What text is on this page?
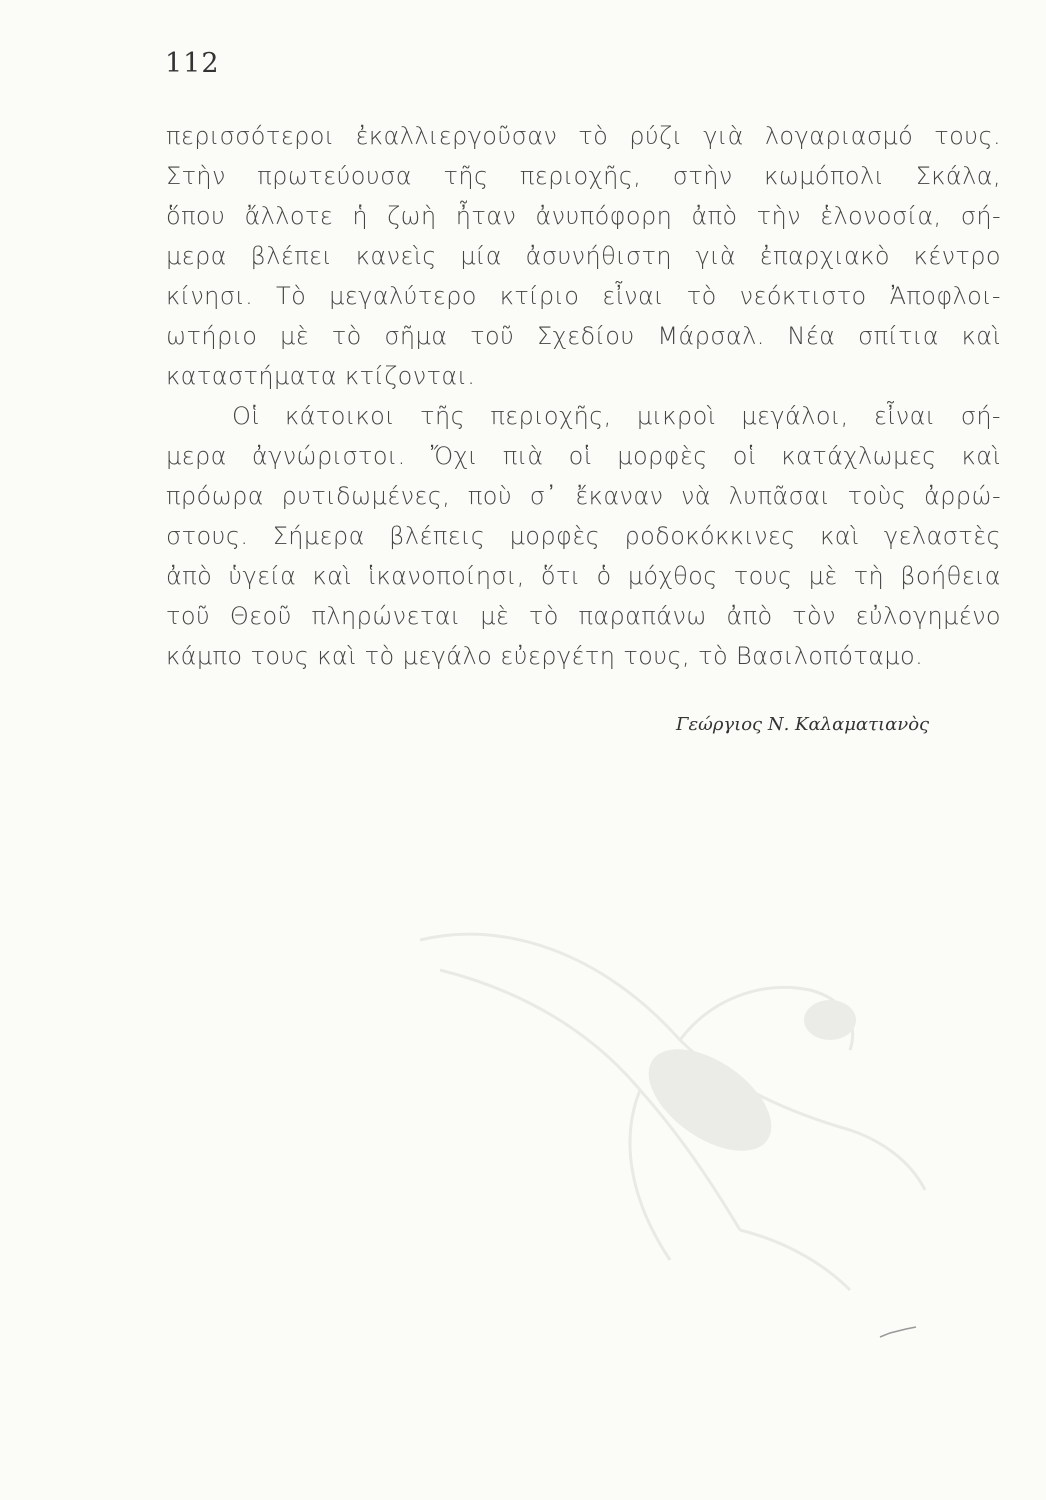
112
περισσότεροι ἐκαλλιεργοῦσαν τὸ ρύζι γιὰ λογαριασμό τους.
Στὴν πρωτεύουσα τῆς περιοχῆς, στὴν κωμόπολι Σκάλα,
ὅπου ἄλλοτε ἡ ζωὴ ἦταν ἀνυπόφορη ἀπὸ τὴν ἑλονοσία, σή-
μερα βλέπει κανεὶς μία ἀσυνήθιστη γιὰ ἐπαρχιακὸ κέντρο
κίνησι. Τὸ μεγαλύτερο κτίριο εἶναι τὸ νεόκτιστο Ἀποφλοι-
ωτήριο μὲ τὸ σῆμα τοῦ Σχεδίου Μάρσαλ. Νέα σπίτια καὶ
καταστήματα κτίζονται.
Οἱ κάτοικοι τῆς περιοχῆς, μικροὶ μεγάλοι, εἶναι σή-
μερα ἀγνώριστοι. Ὄχι πιὰ οἱ μορφὲς οἱ κατάχλωμες καὶ
πρόωρα ρυτιδωμένες, ποὺ σ᾽ ἔκαναν νὰ λυπᾶσαι τοὺς ἀρρώ-
στους. Σήμερα βλέπεις μορφὲς ροδοκόκκινες καὶ γελαστὲς
ἀπὸ ὑγεία καὶ ἱκανοποίησι, ὅτι ὁ μόχθος τους μὲ τὴ βοήθεια
τοῦ Θεοῦ πληρώνεται μὲ τὸ παραπάνω ἀπὸ τὸν εὐλογημένο
κάμπο τους καὶ τὸ μεγάλο εὐεργέτη τους, τὸ Βασιλοπόταμο.
Γεώργιος Ν. Καλαματιανὸς
